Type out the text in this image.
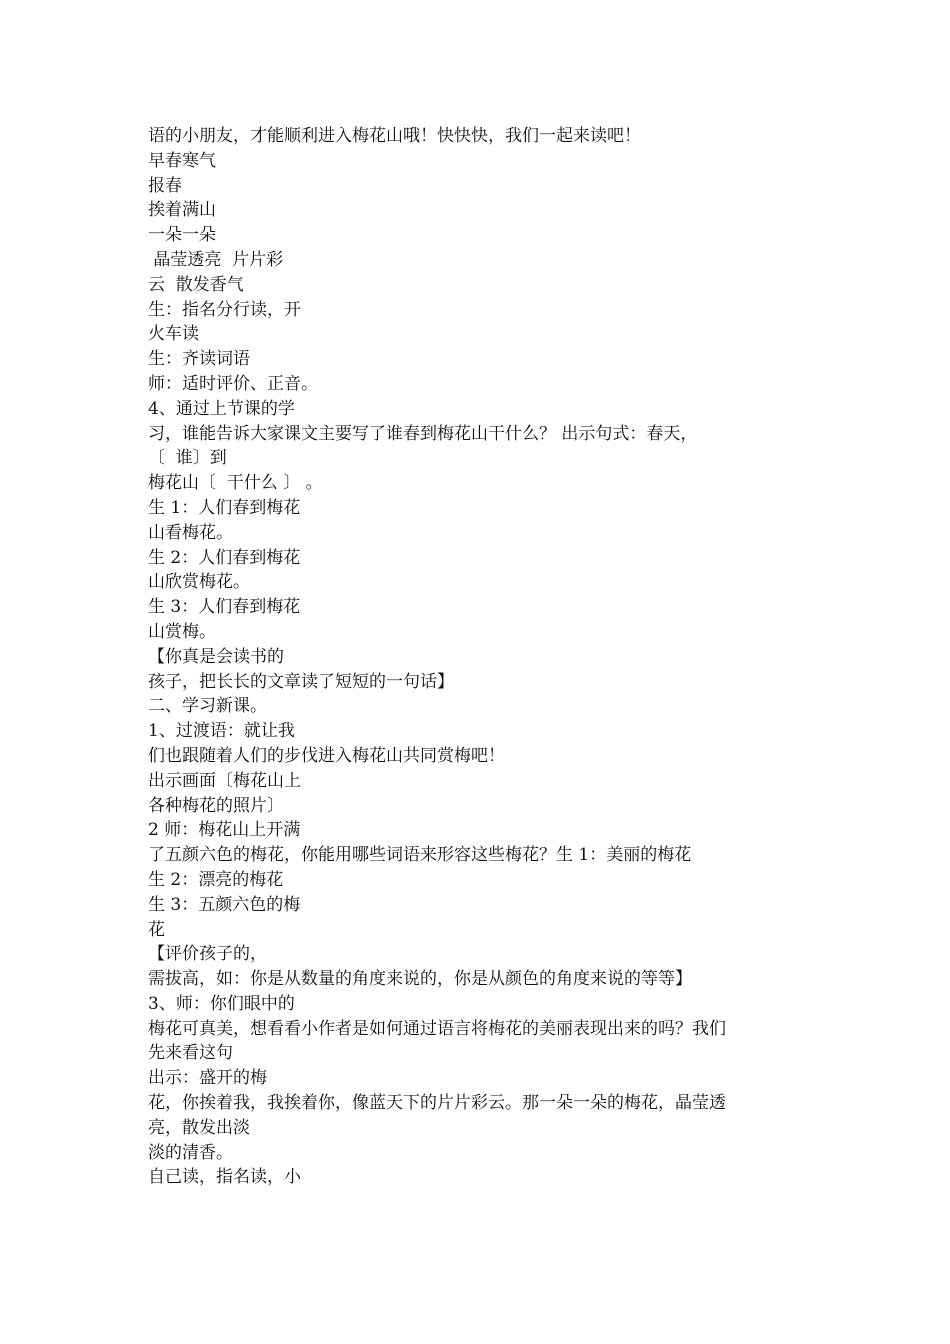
语的小朋友，才能顺利进入梅花山哦！快快快，我们一起来读吧！
早春寒气
报春
挨着满山
一朵一朵
晶莹透亮  片片彩
云  散发香气
生：指名分行读，开
火车读
生：齐读词语
师：适时评价、正音。
4、通过上节课的学
习，谁能告诉大家课文主要写了谁春到梅花山干什么？ 出示句式：春天，
〔  谁〕到
梅花山〔  干什么 〕 。
生 1：人们春到梅花
山看梅花。
生 2：人们春到梅花
山欣赏梅花。
生 3：人们春到梅花
山赏梅。
【你真是会读书的
孩子，把长长的文章读了短短的一句话】
二、学习新课。
1、过渡语：就让我
们也跟随着人们的步伐进入梅花山共同赏梅吧！
出示画面〔梅花山上
各种梅花的照片〕
2 师：梅花山上开满
了五颜六色的梅花，你能用哪些词语来形容这些梅花？生 1：美丽的梅花
生 2：漂亮的梅花
生 3：五颜六色的梅
花
【评价孩子的，
需拔高，如：你是从数量的角度来说的，你是从颜色的角度来说的等等】
3、师：你们眼中的
梅花可真美，想看看小作者是如何通过语言将梅花的美丽表现出来的吗？我们
先来看这句
出示：盛开的梅
花，你挨着我，我挨着你，像蓝天下的片片彩云。那一朵一朵的梅花，晶莹透
亮，散发出淡
淡的清香。
自己读，指名读，小
